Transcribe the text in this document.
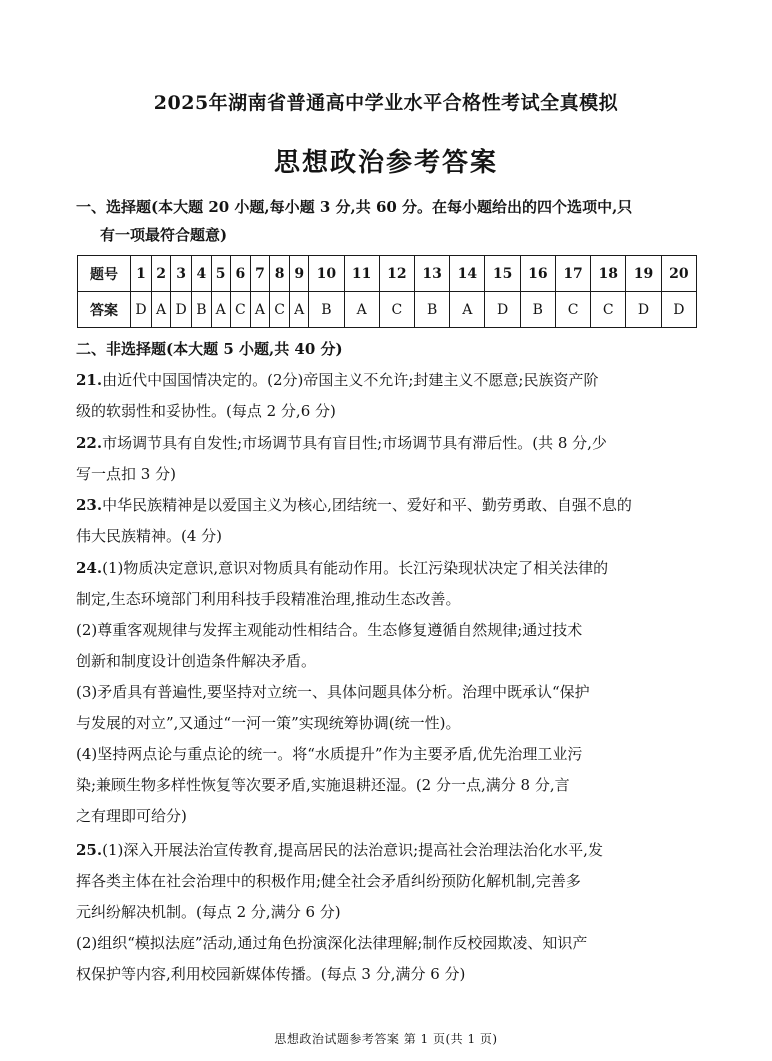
2025年湖南省普通高中学业水平合格性考试全真模拟
思想政治参考答案
一、选择题(本大题 20 小题,每小题 3 分,共 60 分。在每小题给出的四个选项中,只
有一项最符合题意)
题号	1	2	3	4	5	6	7	8	9	10	11	12	13	14	15	16	17	18	19	20
答案	D	A	D	B	A	C	A	C	A	B	A	C	B	A	D	B	C	C	D	D
二、非选择题(本大题 5 小题,共 40 分)

21.由近代中国国情决定的。(2分)帝国主义不允许;封建主义不愿意;民族资产阶

级的软弱性和妥协性。(每点 2 分,6 分)

22.市场调节具有自发性;市场调节具有盲目性;市场调节具有滞后性。(共 8 分,少

写一点扣 3 分)

23.中华民族精神是以爱国主义为核心,团结统一、爱好和平、勤劳勇敢、自强不息的

伟大民族精神。(4 分)

24.(1)物质决定意识,意识对物质具有能动作用。长江污染现状决定了相关法律的

制定,生态环境部门利用科技手段精准治理,推动生态改善。

(2)尊重客观规律与发挥主观能动性相结合。生态修复遵循自然规律;通过技术

创新和制度设计创造条件解决矛盾。

(3)矛盾具有普遍性,要坚持对立统一、具体问题具体分析。治理中既承认“保护

与发展的对立”,又通过“一河一策”实现统筹协调(统一性)。

(4)坚持两点论与重点论的统一。将“水质提升”作为主要矛盾,优先治理工业污

染;兼顾生物多样性恢复等次要矛盾,实施退耕还湿。(2 分一点,满分 8 分,言

之有理即可给分)

25.(1)深入开展法治宣传教育,提高居民的法治意识;提高社会治理法治化水平,发

挥各类主体在社会治理中的积极作用;健全社会矛盾纠纷预防化解机制,完善多

元纠纷解决机制。(每点 2 分,满分 6 分)

(2)组织“模拟法庭”活动,通过角色扮演深化法律理解;制作反校园欺凌、知识产

权保护等内容,利用校园新媒体传播。(每点 3 分,满分 6 分)

思想政治试题参考答案 第 1 页(共 1 页)
